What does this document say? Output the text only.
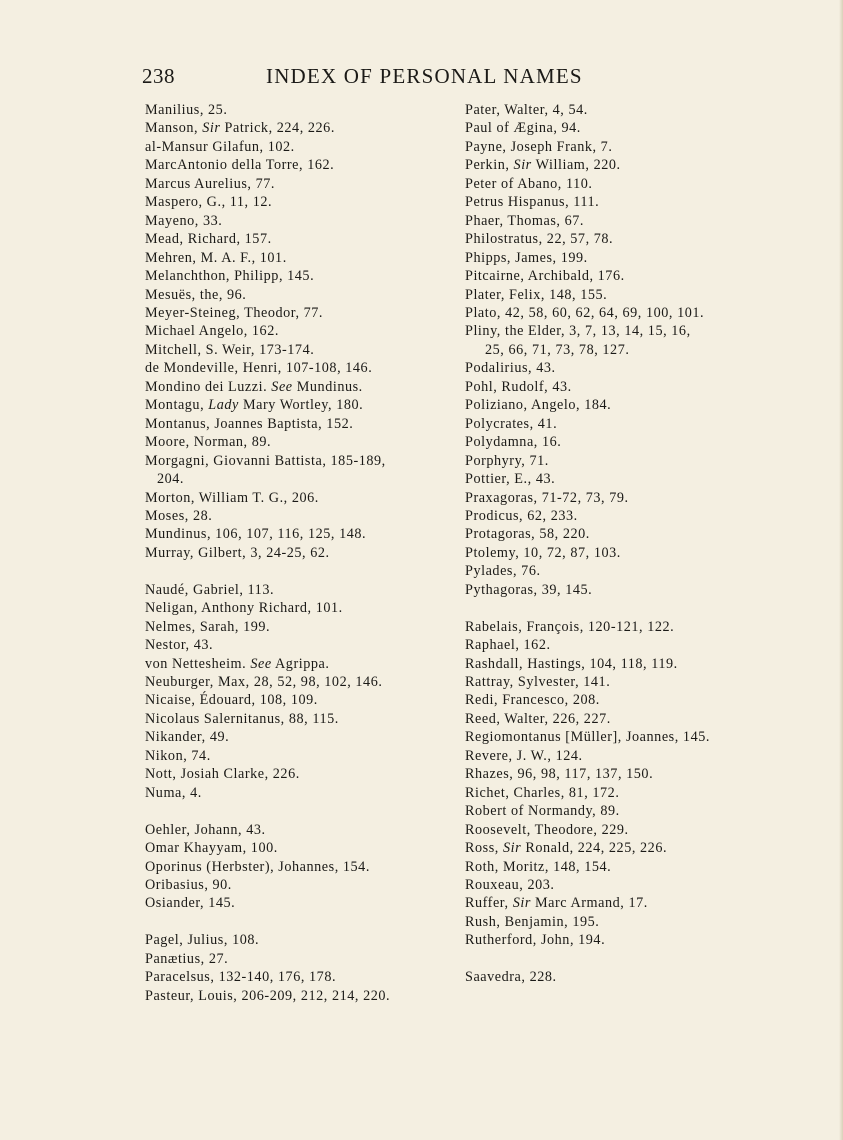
238	INDEX OF PERSONAL NAMES
Manilius, 25.
Manson, Sir Patrick, 224, 226.
al-Mansur Gilafun, 102.
MarcAntonio della Torre, 162.
Marcus Aurelius, 77.
Maspero, G., 11, 12.
Mayeno, 33.
Mead, Richard, 157.
Mehren, M. A. F., 101.
Melanchthon, Philipp, 145.
Mesuës, the, 96.
Meyer-Steineg, Theodor, 77.
Michael Angelo, 162.
Mitchell, S. Weir, 173-174.
de Mondeville, Henri, 107-108, 146.
Mondino dei Luzzi. See Mundinus.
Montagu, Lady Mary Wortley, 180.
Montanus, Joannes Baptista, 152.
Moore, Norman, 89.
Morgagni, Giovanni Battista, 185-189,
204.
Morton, William T. G., 206.
Moses, 28.
Mundinus, 106, 107, 116, 125, 148.
Murray, Gilbert, 3, 24-25, 62.
Naudé, Gabriel, 113.
Neligan, Anthony Richard, 101.
Nelmes, Sarah, 199.
Nestor, 43.
von Nettesheim. See Agrippa.
Neuburger, Max, 28, 52, 98, 102, 146.
Nicaise, Édouard, 108, 109.
Nicolaus Salernitanus, 88, 115.
Nikander, 49.
Nikon, 74.
Nott, Josiah Clarke, 226.
Numa, 4.
Oehler, Johann, 43.
Omar Khayyam, 100.
Oporinus (Herbster), Johannes, 154.
Oribasius, 90.
Osiander, 145.
Pagel, Julius, 108.
Panætius, 27.
Paracelsus, 132-140, 176, 178.
Pasteur, Louis, 206-209, 212, 214, 220.
Pater, Walter, 4, 54.
Paul of Ægina, 94.
Payne, Joseph Frank, 7.
Perkin, Sir William, 220.
Peter of Abano, 110.
Petrus Hispanus, 111.
Phaer, Thomas, 67.
Philostratus, 22, 57, 78.
Phipps, James, 199.
Pitcairne, Archibald, 176.
Plater, Felix, 148, 155.
Plato, 42, 58, 60, 62, 64, 69, 100, 101.
Pliny, the Elder, 3, 7, 13, 14, 15, 16,
25, 66, 71, 73, 78, 127.
Podalirius, 43.
Pohl, Rudolf, 43.
Poliziano, Angelo, 184.
Polycrates, 41.
Polydamna, 16.
Porphyry, 71.
Pottier, E., 43.
Praxagoras, 71-72, 73, 79.
Prodicus, 62, 233.
Protagoras, 58, 220.
Ptolemy, 10, 72, 87, 103.
Pylades, 76.
Pythagoras, 39, 145.
Rabelais, François, 120-121, 122.
Raphael, 162.
Rashdall, Hastings, 104, 118, 119.
Rattray, Sylvester, 141.
Redi, Francesco, 208.
Reed, Walter, 226, 227.
Regiomontanus [Müller], Joannes, 145.
Revere, J. W., 124.
Rhazes, 96, 98, 117, 137, 150.
Richet, Charles, 81, 172.
Robert of Normandy, 89.
Roosevelt, Theodore, 229.
Ross, Sir Ronald, 224, 225, 226.
Roth, Moritz, 148, 154.
Rouxeau, 203.
Ruffer, Sir Marc Armand, 17.
Rush, Benjamin, 195.
Rutherford, John, 194.
Saavedra, 228.
